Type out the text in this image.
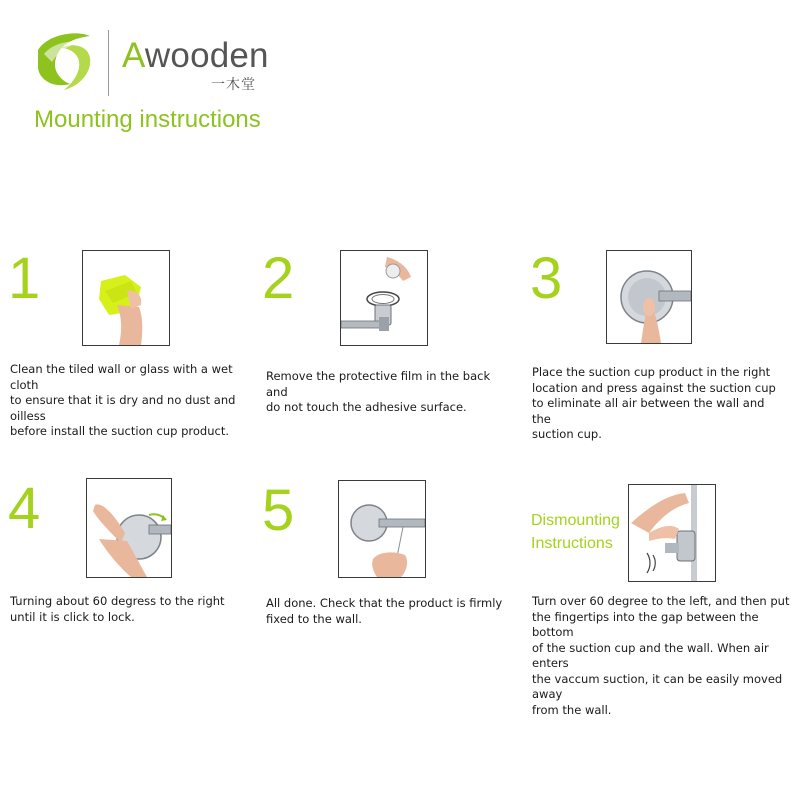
Awooden
一木堂
Mounting instructions
1
Clean the tiled wall or glass with a wet cloth
to ensure that it is dry and no dust and oilless
before install the suction cup product.
2
Remove the protective film in the back and
do not touch the adhesive surface.
3
Place the suction cup product in the right
location and press against the suction cup
to eliminate all air between the wall and the
suction cup.
4
Turning about 60 degress to the right
until it is click to lock.
5
All done. Check that the product is firmly
fixed to the wall.
Dismounting
Instructions
Turn over 60 degree to the left, and then put
the fingertips into the gap between the bottom
of the suction cup and the wall. When air enters
the vaccum suction, it can be easily moved away
from the wall.
